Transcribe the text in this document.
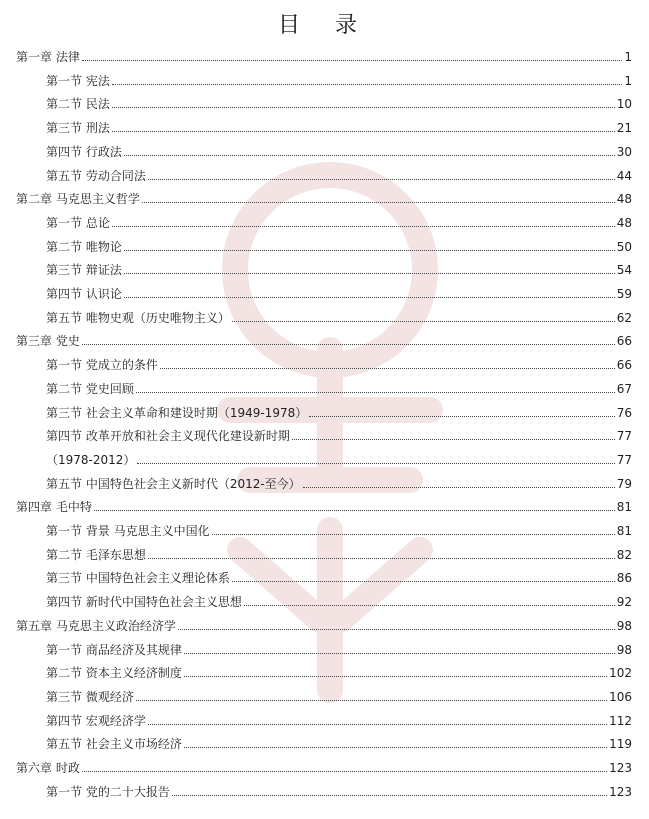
目 录
第一章 法律	1
第一节 宪法	1
第二节 民法	10
第三节 刑法	21
第四节 行政法	30
第五节 劳动合同法	44
第二章 马克思主义哲学	48
第一节 总论	48
第二节 唯物论	50
第三节 辩证法	54
第四节 认识论	59
第五节 唯物史观（历史唯物主义）	62
第三章 党史	66
第一节 党成立的条件	66
第二节 党史回顾	67
第三节 社会主义革命和建设时期（1949-1978）	76
第四节 改革开放和社会主义现代化建设新时期	77
（1978-2012）	77
第五节 中国特色社会主义新时代（2012-至今）	79
第四章 毛中特	81
第一节 背景 马克思主义中国化	81
第二节 毛泽东思想	82
第三节 中国特色社会主义理论体系	86
第四节 新时代中国特色社会主义思想	92
第五章 马克思主义政治经济学	98
第一节 商品经济及其规律	98
第二节 资本主义经济制度	102
第三节 微观经济	106
第四节 宏观经济学	112
第五节 社会主义市场经济	119
第六章 时政	123
第一节 党的二十大报告	123
